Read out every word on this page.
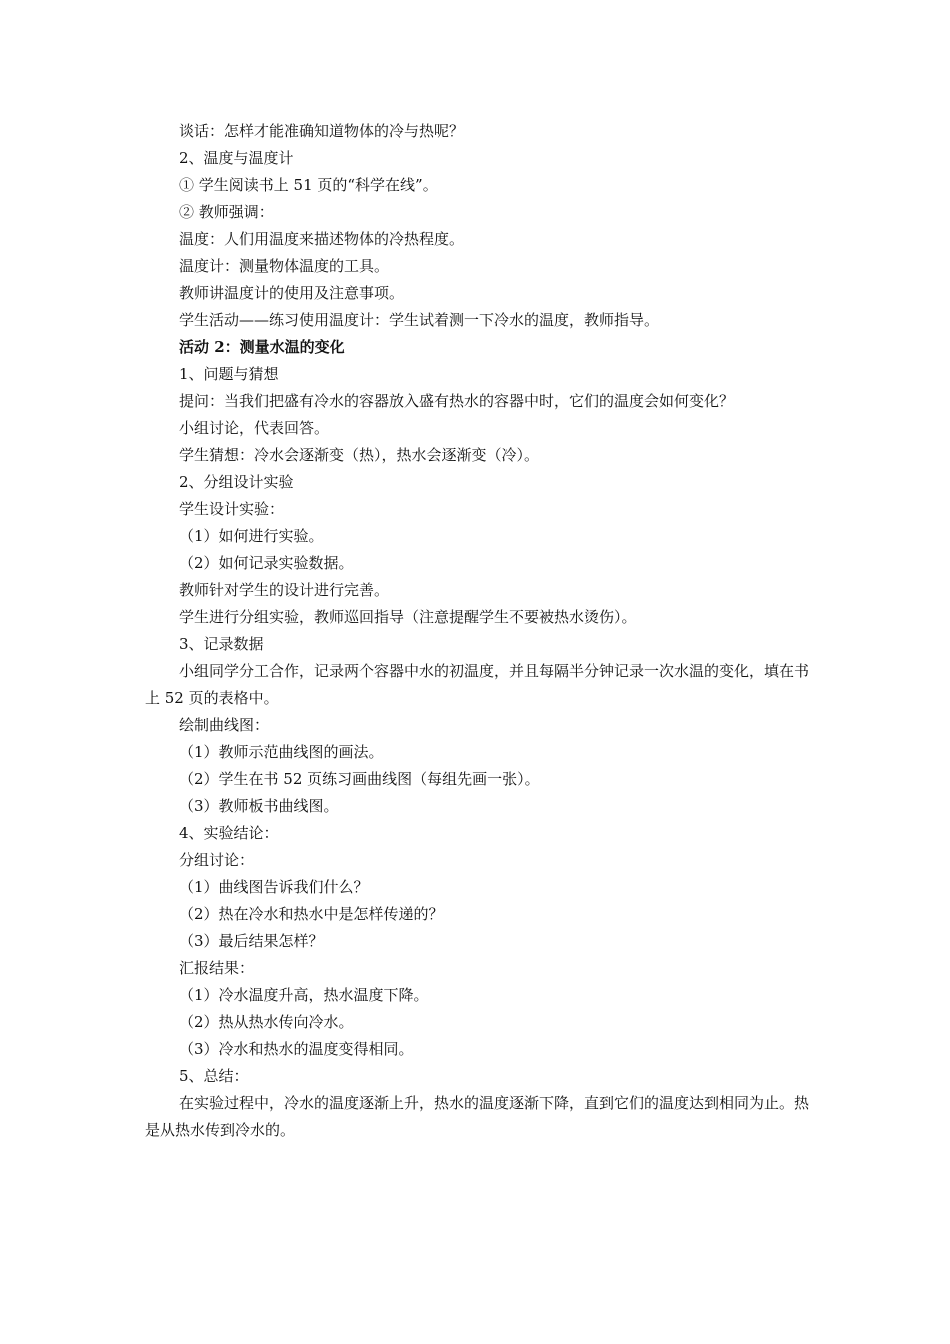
谈话：怎样才能准确知道物体的冷与热呢？

2、温度与温度计

① 学生阅读书上 51 页的“科学在线”。

② 教师强调：

温度：人们用温度来描述物体的冷热程度。

温度计：测量物体温度的工具。

教师讲温度计的使用及注意事项。

学生活动——练习使用温度计：学生试着测一下冷水的温度，教师指导。

活动 2：测量水温的变化

1、问题与猜想

提问：当我们把盛有冷水的容器放入盛有热水的容器中时，它们的温度会如何变化？

小组讨论，代表回答。

学生猜想：冷水会逐渐变（热），热水会逐渐变（冷）。

2、分组设计实验

学生设计实验：

（1）如何进行实验。

（2）如何记录实验数据。

教师针对学生的设计进行完善。

学生进行分组实验，教师巡回指导（注意提醒学生不要被热水烫伤）。

3、记录数据

小组同学分工合作，记录两个容器中水的初温度，并且每隔半分钟记录一次水温的变化，填在书上 52 页的表格中。

绘制曲线图：

（1）教师示范曲线图的画法。

（2）学生在书 52 页练习画曲线图（每组先画一张）。

（3）教师板书曲线图。

4、实验结论：

分组讨论：

（1）曲线图告诉我们什么？

（2）热在冷水和热水中是怎样传递的？

（3）最后结果怎样？

汇报结果：

（1）冷水温度升高，热水温度下降。

（2）热从热水传向冷水。

（3）冷水和热水的温度变得相同。

5、总结：

在实验过程中，冷水的温度逐渐上升，热水的温度逐渐下降，直到它们的温度达到相同为止。热是从热水传到冷水的。
